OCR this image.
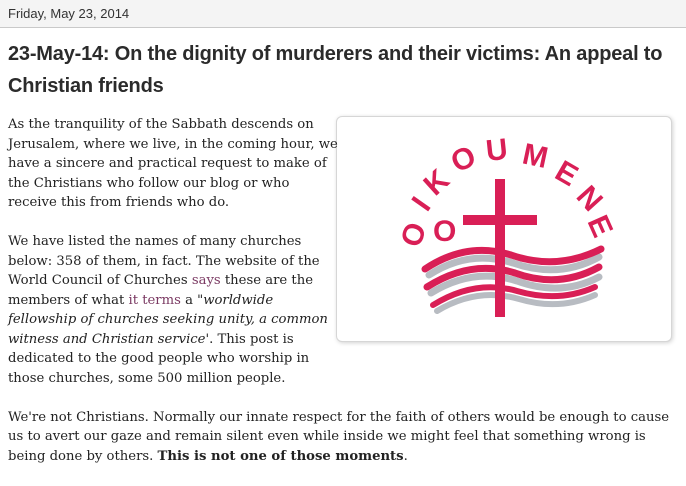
Friday, May 23, 2014
23-May-14: On the dignity of murderers and their victims: An appeal to Christian friends
O
O
I
K
O U M
E
N
E

As the tranquility of the Sabbath descends on Jerusalem, where we live, in the coming hour, we have a sincere and practical request to make of the Christians who follow our blog or who receive this from friends who do.

We have listed the names of many churches below: 358 of them, in fact. The website of the World Council of Churches says these are the members of what it terms a "worldwide fellowship of churches seeking unity, a common witness and Christian service'. This post is dedicated to the good people who worship in those churches, some 500 million people.

We're not Christians. Normally our innate respect for the faith of others would be enough to cause us to avert our gaze and remain silent even while inside we might feel that something wrong is being done by others. This is not one of those moments.
